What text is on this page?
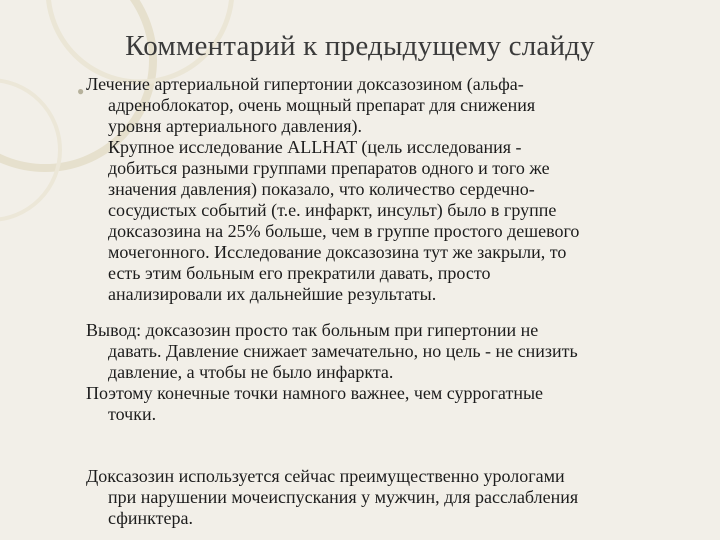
Комментарий к предыдущему слайду
● Лечение артериальной гипертонии доксазозином (альфа-
адреноблокатор, очень мощный препарат для снижения
уровня артериального давления).
Крупное исследование ALLHAT (цель исследования -
добиться разными группами препаратов одного и того же
значения давления) показало, что количество сердечно-
сосудистых событий (т.е. инфаркт, инсульт) было в группе
доксазозина на 25% больше, чем в группе простого дешевого
мочегонного. Исследование доксазозина тут же закрыли, то
есть этим больным его прекратили давать, просто
анализировали их дальнейшие результаты.
Вывод: доксазозин просто так больным при гипертонии не
давать. Давление снижает замечательно, но цель - не снизить
давление, а чтобы не было инфаркта.
Поэтому конечные точки намного важнее, чем суррогатные
точки.
Доксазозин используется сейчас преимущественно урологами
при нарушении мочеиспускания у мужчин, для расслабления
сфинктера.
